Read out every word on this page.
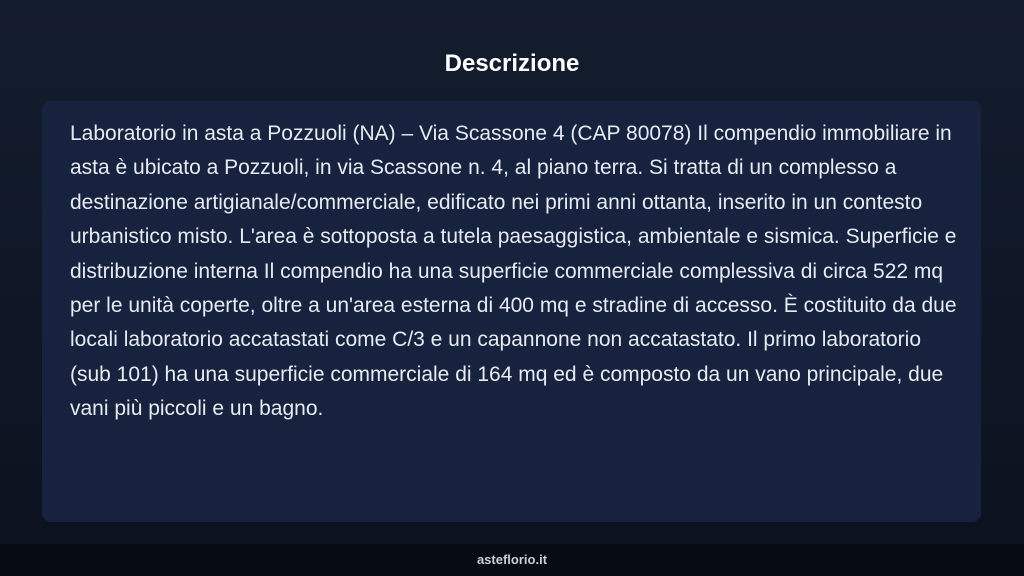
Descrizione

Laboratorio in asta a Pozzuoli (NA) – Via Scassone 4 (CAP 80078) Il compendio immobiliare in asta è ubicato a Pozzuoli, in via Scassone n. 4, al piano terra. Si tratta di un complesso a destinazione artigianale/commerciale, edificato nei primi anni ottanta, inserito in un contesto urbanistico misto. L'area è sottoposta a tutela paesaggistica, ambientale e sismica. Superficie e distribuzione interna Il compendio ha una superficie commerciale complessiva di circa 522 mq per le unità coperte, oltre a un'area esterna di 400 mq e stradine di accesso. È costituito da due locali laboratorio accatastati come C/3 e un capannone non accatastato. Il primo laboratorio (sub 101) ha una superficie commerciale di 164 mq ed è composto da un vano principale, due vani più piccoli e un bagno.

asteflorio.it
